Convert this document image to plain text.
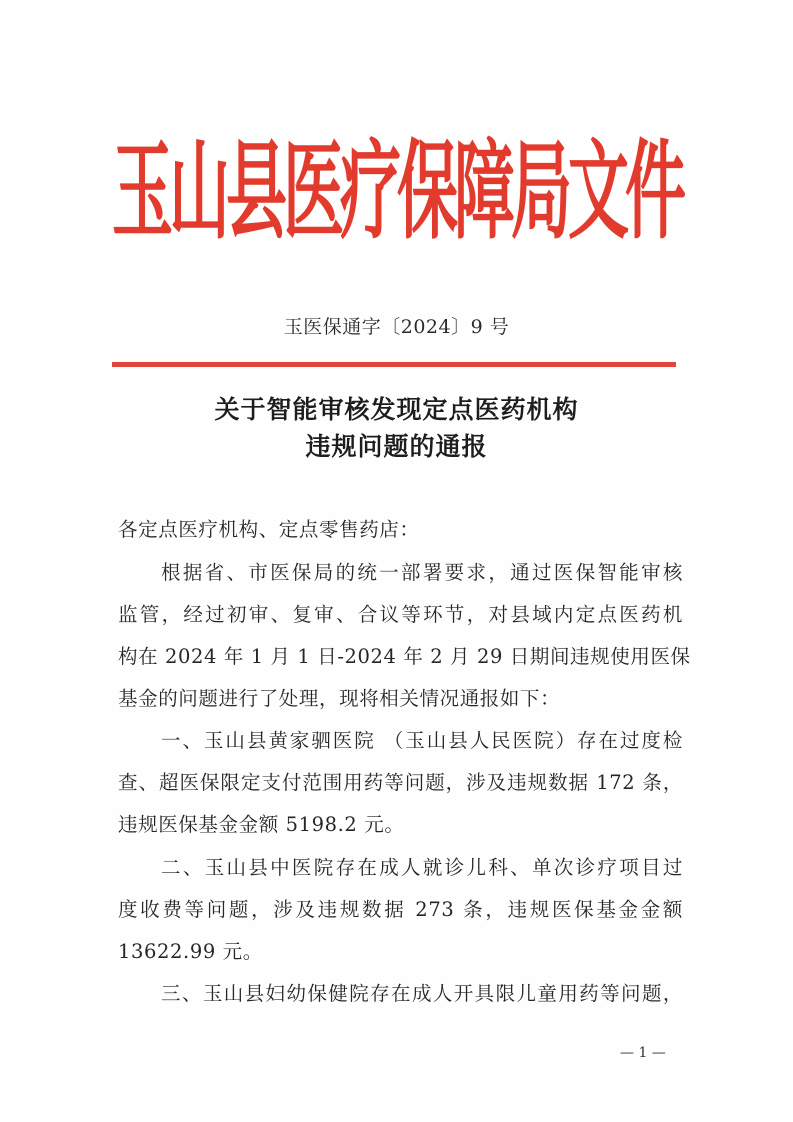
玉山县医疗保障局文件
玉医保通字〔2024〕9 号
关于智能审核发现定点医药机构
违规问题的通报
各定点医疗机构、定点零售药店：
根据省、市医保局的统一部署要求，通过医保智能审核
监管，经过初审、复审、合议等环节，对县域内定点医药机
构在 2024 年 1 月 1 日-2024 年 2 月 29 日期间违规使用医保
基金的问题进行了处理，现将相关情况通报如下：
一、玉山县黄家驷医院 （玉山县人民医院）存在过度检
查、超医保限定支付范围用药等问题，涉及违规数据 172 条，
违规医保基金金额 5198.2 元。
二、玉山县中医院存在成人就诊儿科、单次诊疗项目过
度收费等问题，涉及违规数据 273 条，违规医保基金金额
13622.99 元。
三、玉山县妇幼保健院存在成人开具限儿童用药等问题，
— 1 —
